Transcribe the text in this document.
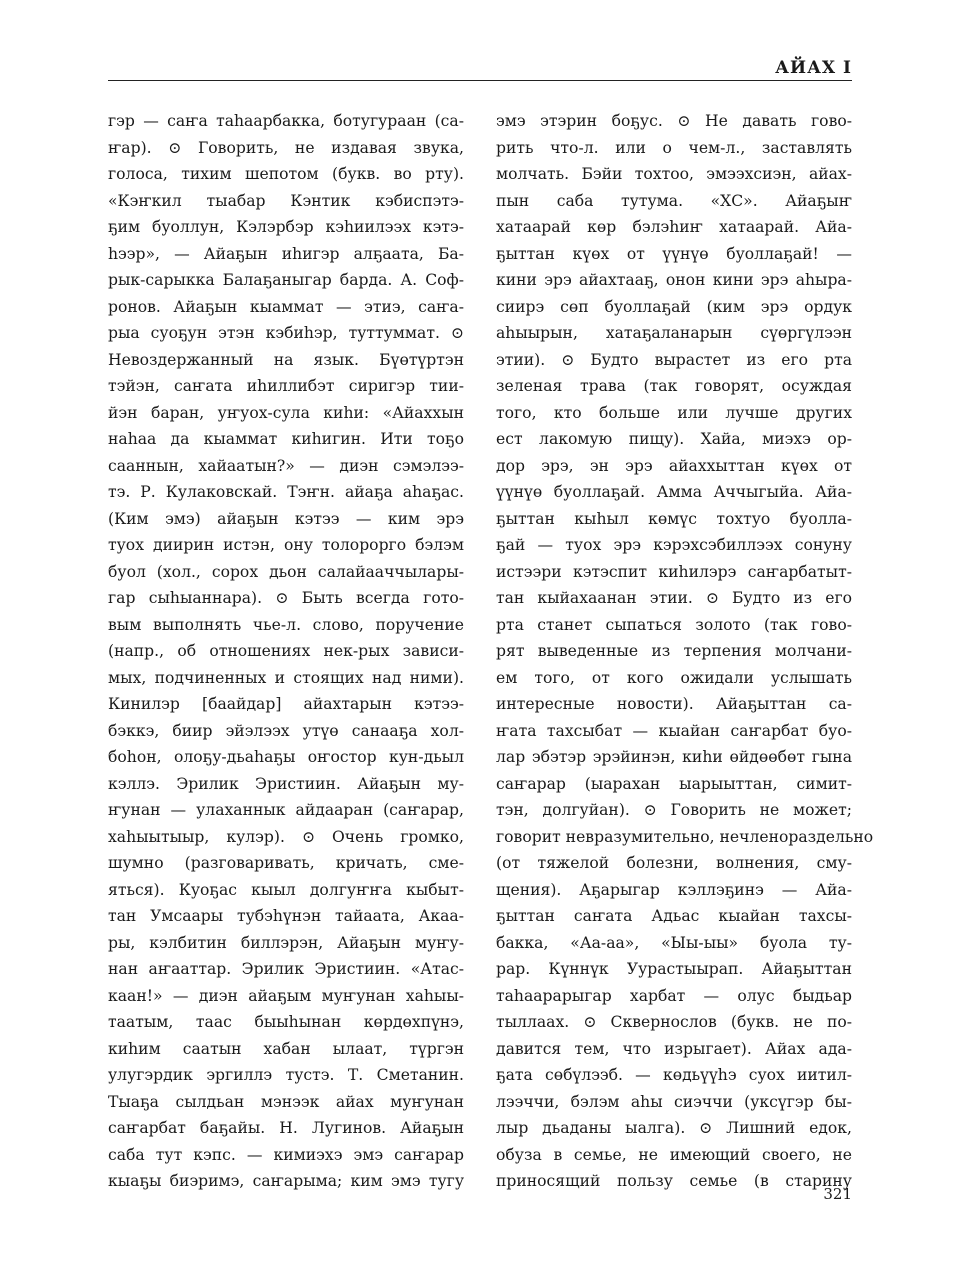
АЙАХ I
гэр — саҥа таһаарбакка, ботугураан (са-
ҥар). ⊙ Говорить, не издавая звука,
голоса, тихим шепотом (букв. во рту).
«Кэҥкил тыабар Кэнтик кэбиспэтэ-
ҕим буоллун, Кэлэрбэр кэһиилээх кэтэ-
һээр», — Айаҕын иһигэр алҕаата, Ба-
рык-сарыкка Балаҕаныгар барда. А. Соф-
ронов. Айаҕын кыаммат — этиэ, саҥа-
рыа суоҕун этэн кэбиһэр, туттуммат. ⊙
Невоздержанный на язык. Бүөтүртэн
тэйэн, саҥата иһиллибэт сиригэр тии-
йэн баран, уҥуох-сула киһи: «Айаххын
наһаа да кыаммат киһигин. Ити тоҕо
сааннын, хайаатын?» — диэн сэмэлээ-
тэ. Р. Кулаковскай. Тэҥн. айаҕа аһаҕас.
(Ким эмэ) айаҕын кэтээ — ким эрэ
туох диирин истэн, ону толорорго бэлэм
буол (хол., сорох дьон салайааччылары-
гар сыһыаннара). ⊙ Быть всегда гото-
вым выполнять чье-л. слово, поручение
(напр., об отношениях нек-рых зависи-
мых, подчиненных и стоящих над ними).
Кинилэр [баайдар] айахтарын кэтээ-
бэккэ, биир эйэлээх утүө санааҕа хол-
боһон, олоҕу-дьаһаҕы оҥостор кун-дьыл
кэллэ. Эрилик Эристиин. Айаҕын му-
ҥунан — улаханнык айдааран (саҥарар,
хаһыытыыр, кулэр). ⊙ Очень громко,
шумно (разговаривать, кричать, сме-
яться). Куоҕас кыыл долгуҥҥа кыбыт-
тан Умсаары тубэһүнэн тайаата, Акаа-
ры, кэлбитин биллэрэн, Айаҕын муҥу-
нан аҥааттар. Эрилик Эристиин. «Атас-
каан!» — диэн айаҕым муҥунан хаһыы-
таатым, таас быыһынан көрдөхпүнэ,
киһим саатын хабан ылаат, түргэн
улугэрдик эргиллэ тустэ. Т. Сметанин.
Тыаҕа сылдьан мэнээк айах муҥунан
саҥарбат баҕайы. Н. Лугинов. Айаҕын
саба тут кэпс. — кимиэхэ эмэ саҥарар
кыаҕы биэримэ, саҥарыма; ким эмэ тугу
эмэ этэрин боҕус. ⊙ Не давать гово-
рить что-л. или о чем-л., заставлять
молчать. Бэйи тохтоо, эмээхсиэн, айах-
пын саба тутума. «ХС». Айаҕыҥ
хатаарай көр бэлэһиҥ хатаарай. Айа-
ҕыттан күөх от үүнүө буоллаҕай! —
кини эрэ айахтааҕ, онон кини эрэ аһыра-
сиирэ сөп буоллаҕай (ким эрэ ордук
аһыырын, хатаҕаланарын сүөргүлээн
этии). ⊙ Будто вырастет из его рта
зеленая трава (так говорят, осуждая
того, кто больше или лучше других
ест лакомую пищу). Хайа, миэхэ ор-
дор эрэ, эн эрэ айаххыттан күөх от
үүнүө буоллаҕай. Амма Аччыгыйа. Айа-
ҕыттан кыһыл көмүс тохтуо буолла-
ҕай — туох эрэ кэрэхсэбиллээх сонуну
истээри кэтэспит киһилэрэ саҥарбатыт-
тан кыйахаанан этии. ⊙ Будто из его
рта станет сыпаться золото (так гово-
рят выведенные из терпения молчани-
ем того, от кого ожидали услышать
интересные новости). Айаҕыттан са-
ҥата тахсыбат — кыайан саҥарбат буо-
лар эбэтэр эрэйинэн, киһи өйдөөбөт гына
саҥарар (ыарахан ыарыыттан, симит-
тэн, долгуйан). ⊙ Говорить не может;
говорит невразумительно, нечленораздельно
(от тяжелой болезни, волнения, сму-
щения). Аҕарыгар кэллэҕинэ — Айа-
ҕыттан саҥата Адьас кыайан тахсы-
бакка, «Аа-аа», «Ыы-ыы» буола ту-
рар. Күннүк Уурастыырап. Айаҕыттан
таһаарарыгар харбат — олус быдьар
тыллаах. ⊙ Сквернослов (букв. не по-
давится тем, что изрыгает). Айах ада-
ҕата сөбүлээб. — көдьүүһэ суох иитил-
лээччи, бэлэм аһы сиэччи (уксүгэр бы-
лыр дьаданы ыалга). ⊙ Лишний едок,
обуза в семье, не имеющий своего, не
приносящий пользу семье (в старину
321
